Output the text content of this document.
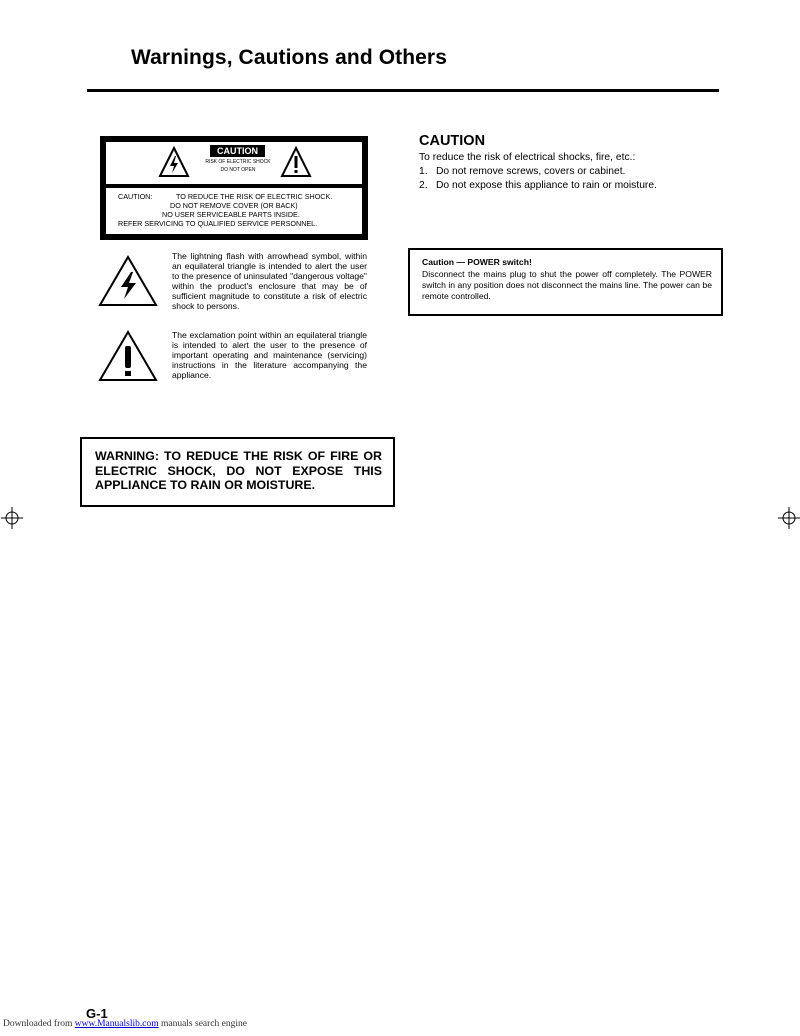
Warnings, Cautions and Others
CAUTION
RISK OF ELECTRIC SHOCK
DO NOT OPEN
CAUTION:	TO REDUCE THE RISK OF ELECTRIC SHOCK.
DO NOT REMOVE COVER (OR BACK)
NO USER SERVICEABLE PARTS INSIDE.
REFER SERVICING TO QUALIFIED SERVICE PERSONNEL.
The lightning flash with arrowhead symbol, within an equilateral triangle is intended to alert the user to the presence of uninsulated "dangerous voltage" within the product's enclosure that may be of sufficient magnitude to constitute a risk of electric shock to persons.
The exclamation point within an equilateral triangle is intended to alert the user to the presence of important operating and maintenance (servicing) instructions in the literature accompanying the appliance.
WARNING: TO REDUCE THE RISK OF FIRE OR ELECTRIC SHOCK, DO NOT EXPOSE THIS APPLIANCE TO RAIN OR MOISTURE.
CAUTION
To reduce the risk of electrical shocks, fire, etc.:
1. Do not remove screws, covers or cabinet.
2. Do not expose this appliance to rain or moisture.
Caution — POWER switch!
Disconnect the mains plug to shut the power off completely. The POWER switch in any position does not disconnect the mains line. The power can be remote controlled.
G-1
Downloaded from www.Manualslib.com manuals search engine
